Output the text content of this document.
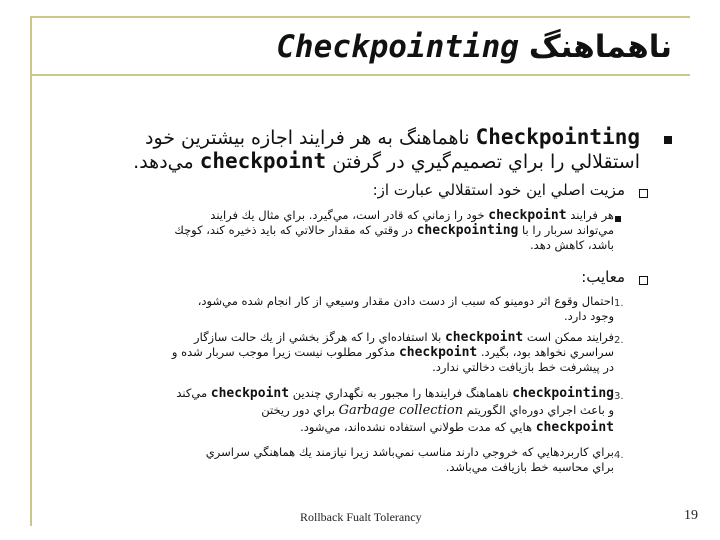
ناهماهنگ
Checkpointing
Checkpointing ناهماهنگ به هر فرايند اجازه بيشترين خود
استقلالي را براي تصميم‌گيري در گرفتن checkpoint مي‌دهد.
مزيت اصلي اين خود استقلالي عبارت از:
هر فرايند checkpoint خود را زماني كه قادر است، مي‌گيرد. براي مثال يك فرايند
مي‌تواند سربار را با checkpointing در وقتي كه مقدار حالاتي كه بايد ذخيره كند، كوچك
باشد، كاهش دهد.
معايب:
1.
احتمال وقوع اثر دومينو كه سبب از دست دادن مقدار وسيعي از كار انجام شده مي‌شود،
وجود دارد.
2.
فرايند ممكن است checkpoint بلا استفاده‌اي را كه هرگز بخشي از يك حالت سازگار
سراسري نخواهد بود، بگيرد. checkpoint مذكور مطلوب نيست زيرا موجب سربار شده و
در پيشرفت خط بازيافت دخالتي ندارد.
3.
checkpointing ناهماهنگ فرايندها را مجبور به نگهداري چندين checkpoint مي‌كند
و باعث اجراي دوره‌اي الگوريتم Garbage collection براي دور ريختن
checkpoint هايي كه مدت طولاني استفاده نشده‌اند، مي‌شود.
4.
براي كاربردهايي كه خروجي دارند مناسب نمي‌باشد زيرا نيازمند يك هماهنگي سراسري
براي محاسبه خط بازيافت مي‌باشد.
Rollback Fualt Tolerancy	19
